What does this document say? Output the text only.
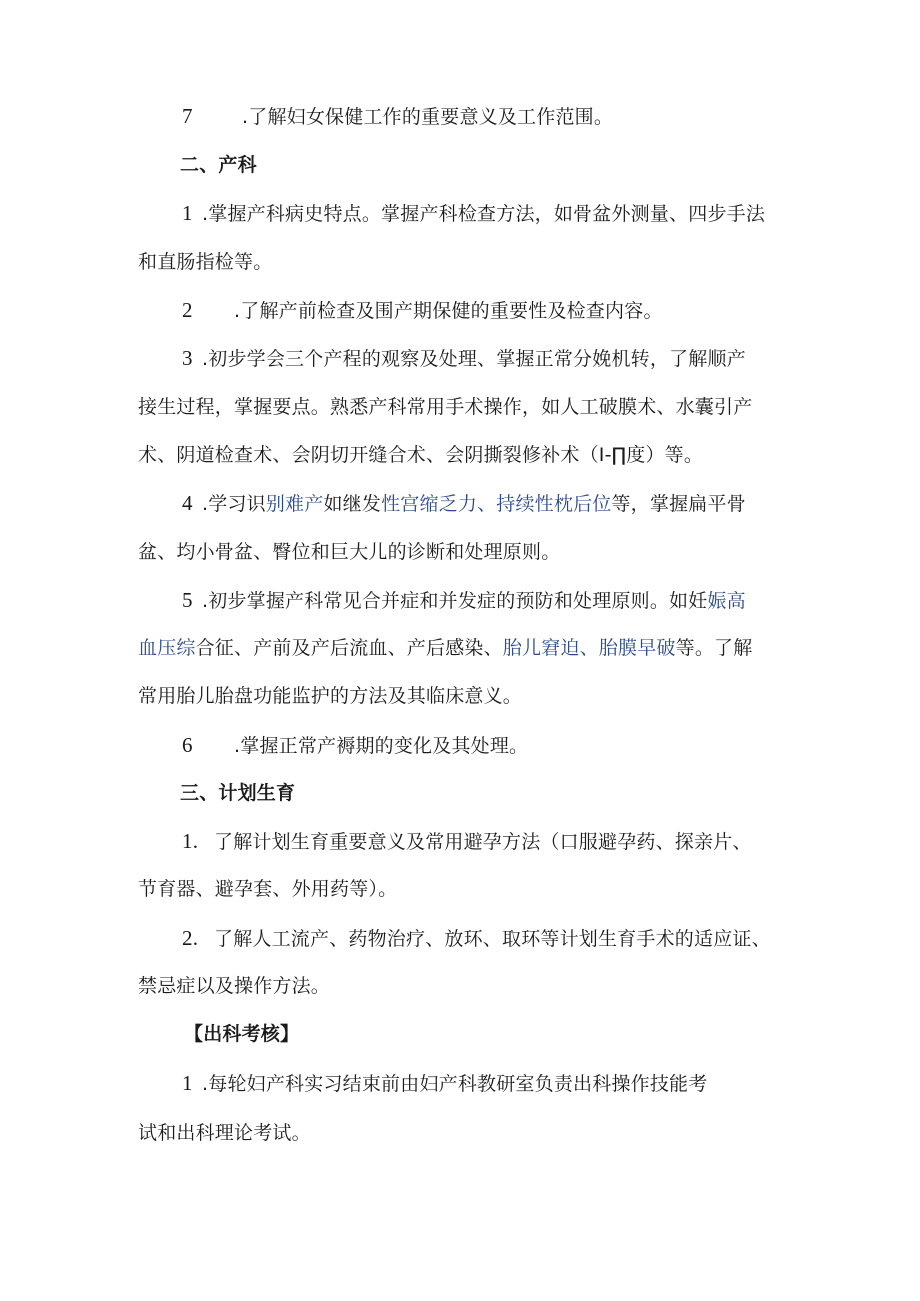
7	.了解妇女保健工作的重要意义及工作范围。
二、产科
1 .掌握产科病史特点。掌握产科检查方法，如骨盆外测量、四步手法
和直肠指检等。
2 .了解产前检查及围产期保健的重要性及检查内容。
3 .初步学会三个产程的观察及处理、掌握正常分娩机转，了解顺产
接生过程，掌握要点。熟悉产科常用手术操作，如人工破膜术、水囊引产
术、阴道检查术、会阴切开缝合术、会阴撕裂修补术（I-∏度）等。
4 .学习识别难产如继发性宫缩乏力、持续性枕后位等，掌握扁平骨
盆、均小骨盆、臀位和巨大儿的诊断和处理原则。
5 .初步掌握产科常见合并症和并发症的预防和处理原则。如妊娠高
血压综合征、产前及产后流血、产后感染、胎儿窘迫、胎膜早破等。了解
常用胎儿胎盘功能监护的方法及其临床意义。
6 .掌握正常产褥期的变化及其处理。
三、计划生育
1. 了解计划生育重要意义及常用避孕方法（口服避孕药、探亲片、
节育器、避孕套、外用药等）。
2. 了解人工流产、药物治疗、放环、取环等计划生育手术的适应证、
禁忌症以及操作方法。
【出科考核】
1 .每轮妇产科实习结束前由妇产科教研室负责出科操作技能考
试和出科理论考试。
